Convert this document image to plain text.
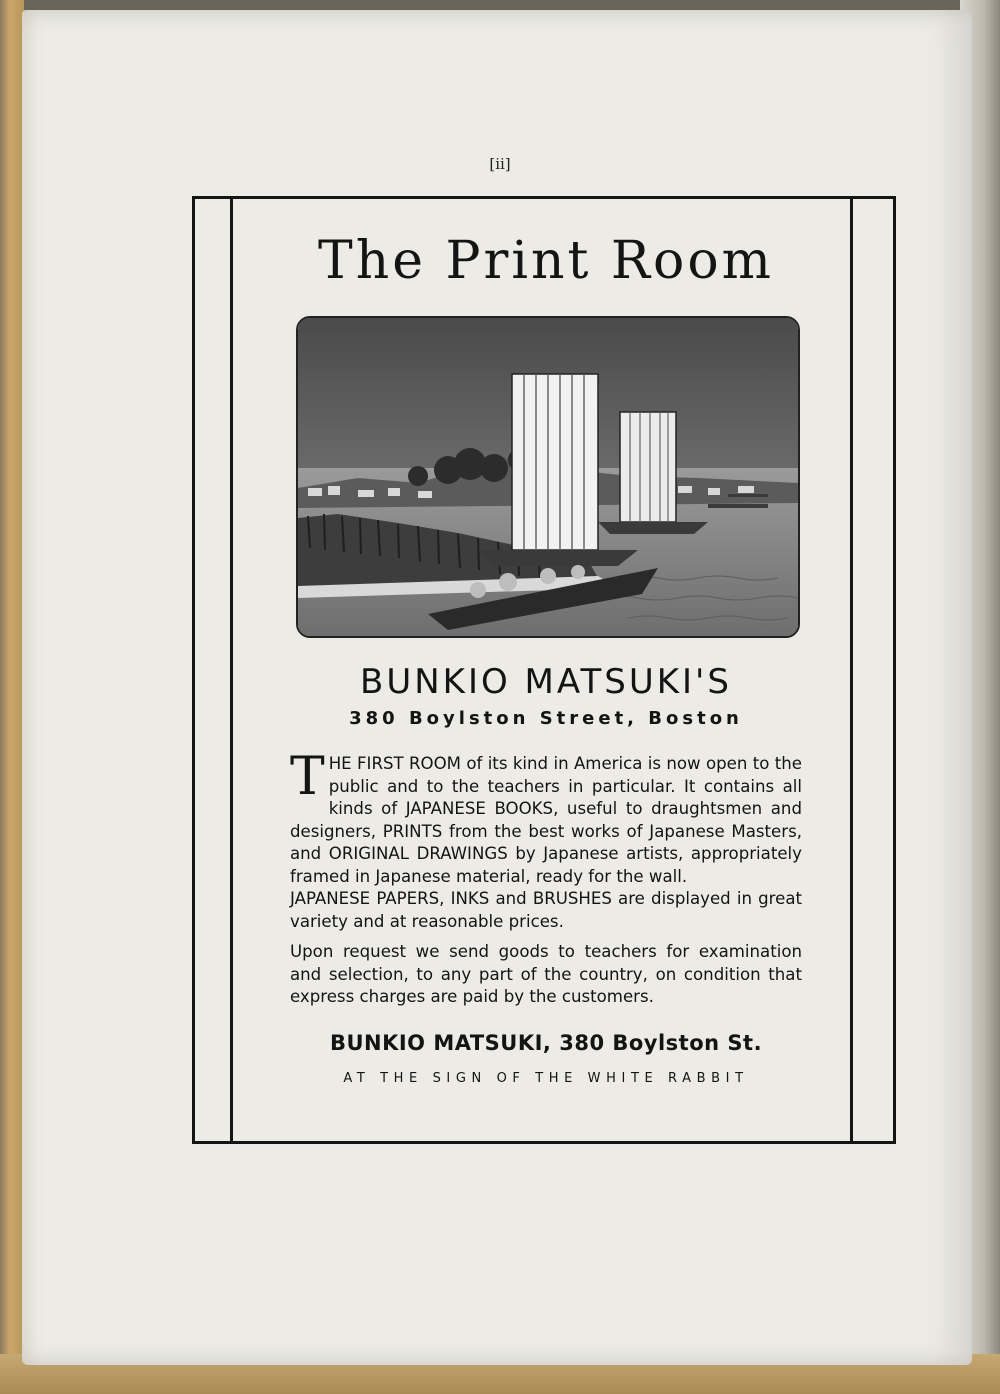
[ii]
The Print Room
BUNKIO MATSUKI'S
380 Boylston Street, Boston
T HE FIRST ROOM of its kind in America is now open to the public and to the teachers in particular. It contains all kinds of JAPANESE BOOKS, useful to draughtsmen and designers, PRINTS from the best works of Japanese Masters, and ORIGINAL DRAWINGS by Japanese artists, appropriately framed in Japanese material, ready for the wall.
JAPANESE PAPERS, INKS and BRUSHES are displayed in great variety and at reasonable prices.
Upon request we send goods to teachers for examination and selection, to any part of the country, on condition that express charges are paid by the customers.
BUNKIO MATSUKI, 380 Boylston St.
AT THE SIGN OF THE WHITE RABBIT
